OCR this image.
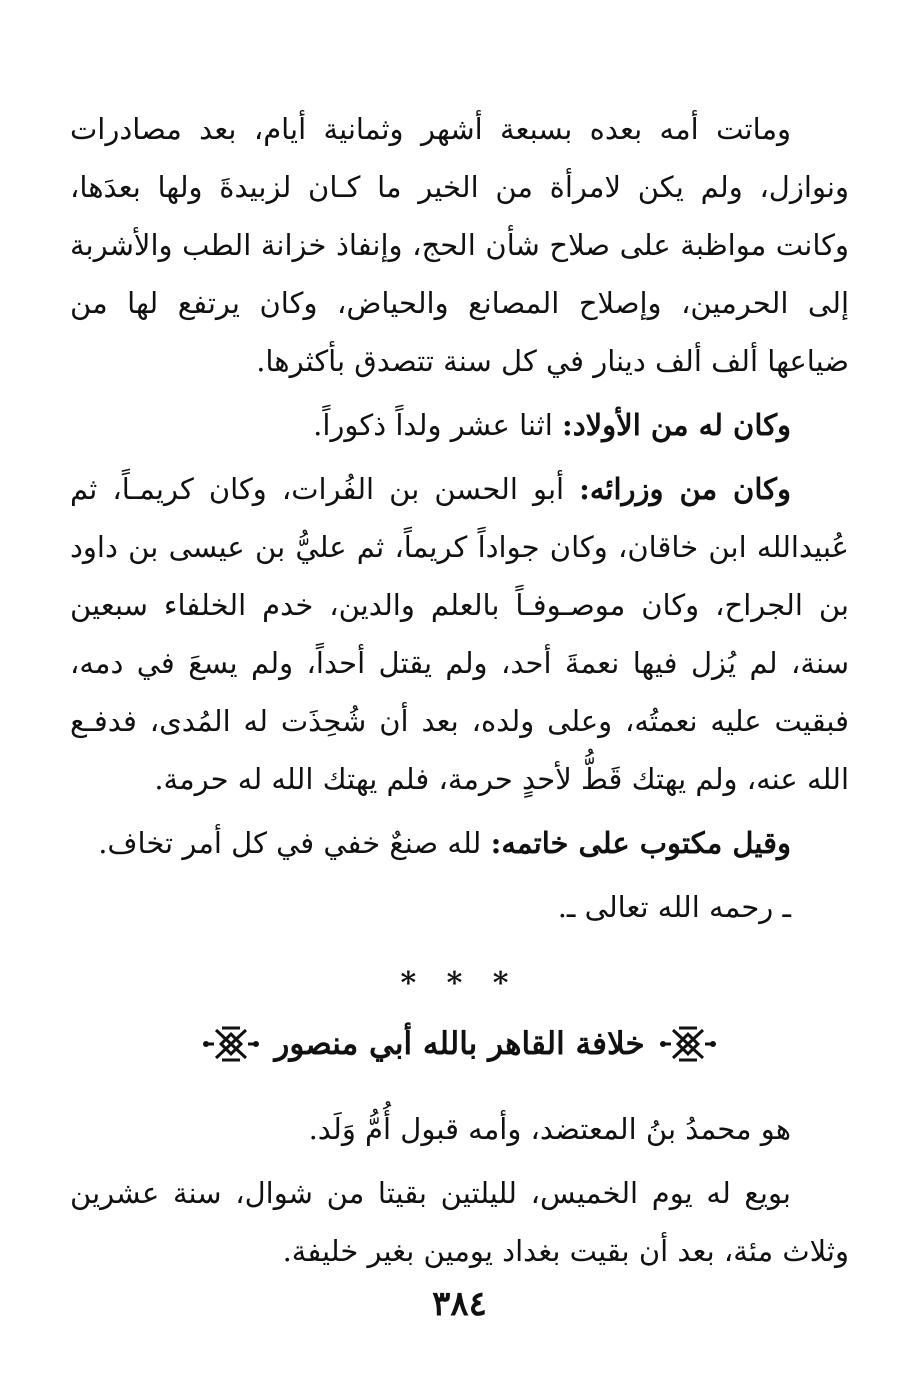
وماتت أمه بعده بسبعة أشهر وثمانية أيام، بعد مصادرات ونوازل، ولم يكن لامرأة من الخير ما كـان لزبيدةَ ولها بعدَها، وكانت مواظبة على صلاح شأن الحج، وإنفاذ خزانة الطب والأشربة إلى الحرمين، وإصلاح المصانع والحياض، وكان يرتفع لها من ضياعها ألف ألف دينار في كل سنة تتصدق بأكثرها.

وكان له من الأولاد: اثنا عشر ولداً ذكوراً.

وكان من وزرائه: أبو الحسن بن الفُرات، وكان كريمـاً، ثم عُبيدالله ابن خاقان، وكان جواداً كريماً، ثم عليُّ بن عيسى بن داود بن الجراح، وكان موصـوفـاً بالعلم والدين، خدم الخلفاء سبعين سنة، لم يُزل فيها نعمةَ أحد، ولم يقتل أحداً، ولم يسعَ في دمه، فبقيت عليه نعمتُه، وعلى ولده، بعد أن شُحِذَت له المُدى، فدفـع الله عنه، ولم يهتك قَطُّ لأحدٍ حرمة، فلم يهتك الله له حرمة.

وقيل مكتوب على خاتمه: لله صنعٌ خفي في كل أمر تخاف.

ـ رحمه الله تعالى ـ.

* * *
خلافة القاهر بالله أبي منصور

هو محمدُ بنُ المعتضد، وأمه قبول أُمُّ وَلَد.

بويع له يوم الخميس، لليلتين بقيتا من شوال، سنة عشرين وثلاث مئة، بعد أن بقيت بغداد يومين بغير خليفة.

٣٨٤
